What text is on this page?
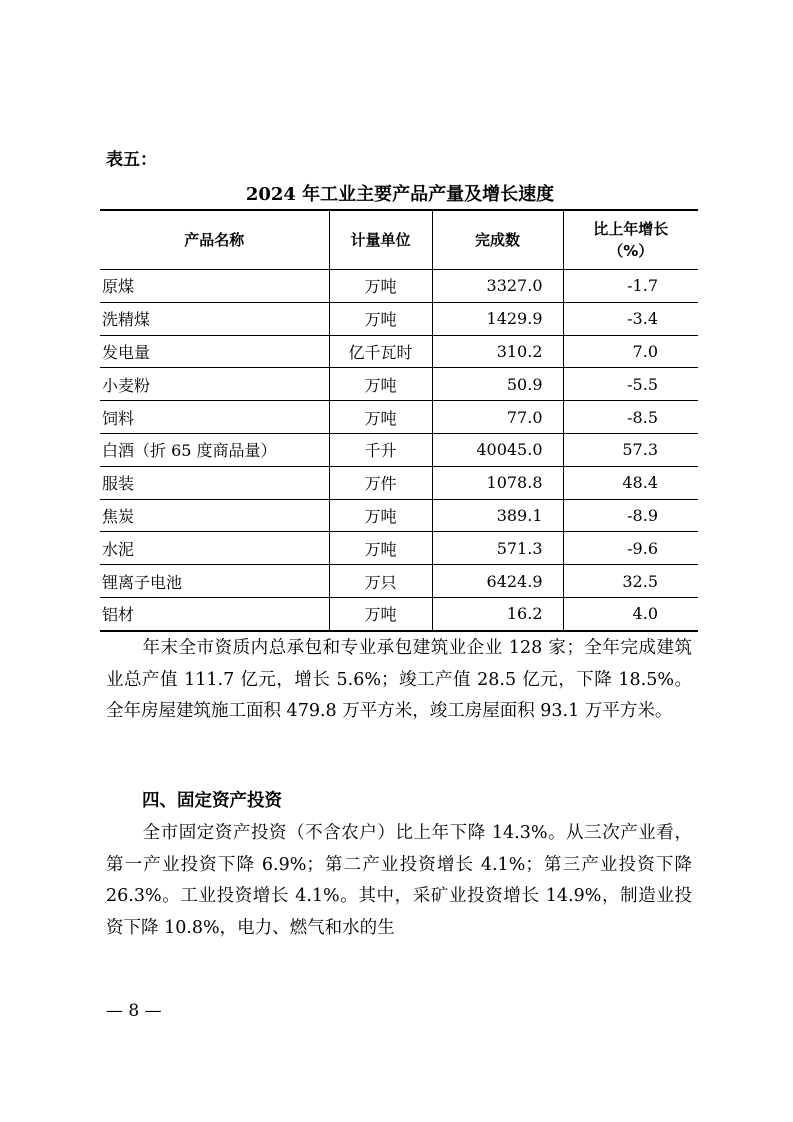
表五：
2024 年工业主要产品产量及增长速度
产品名称	计量单位	完成数	比上年增长
（%）
原煤	万吨	3327.0	-1.7
洗精煤	万吨	1429.9	-3.4
发电量	亿千瓦时	310.2	7.0
小麦粉	万吨	50.9	-5.5
饲料	万吨	77.0	-8.5
白酒（折 65 度商品量）	千升	40045.0	57.3
服装	万件	1078.8	48.4
焦炭	万吨	389.1	-8.9
水泥	万吨	571.3	-9.6
锂离子电池	万只	6424.9	32.5
铝材	万吨	16.2	4.0
年末全市资质内总承包和专业承包建筑业企业 128 家；全年完成建筑业总产值 111.7 亿元，增长 5.6%；竣工产值 28.5 亿元，下降 18.5%。全年房屋建筑施工面积 479.8 万平方米，竣工房屋面积 93.1 万平方米。
四、固定资产投资
全市固定资产投资（不含农户）比上年下降 14.3%。从三次产业看，第一产业投资下降 6.9%；第二产业投资增长 4.1%；第三产业投资下降 26.3%。工业投资增长 4.1%。其中，采矿业投资增长 14.9%，制造业投资下降 10.8%，电力、燃气和水的生
— 8 —
